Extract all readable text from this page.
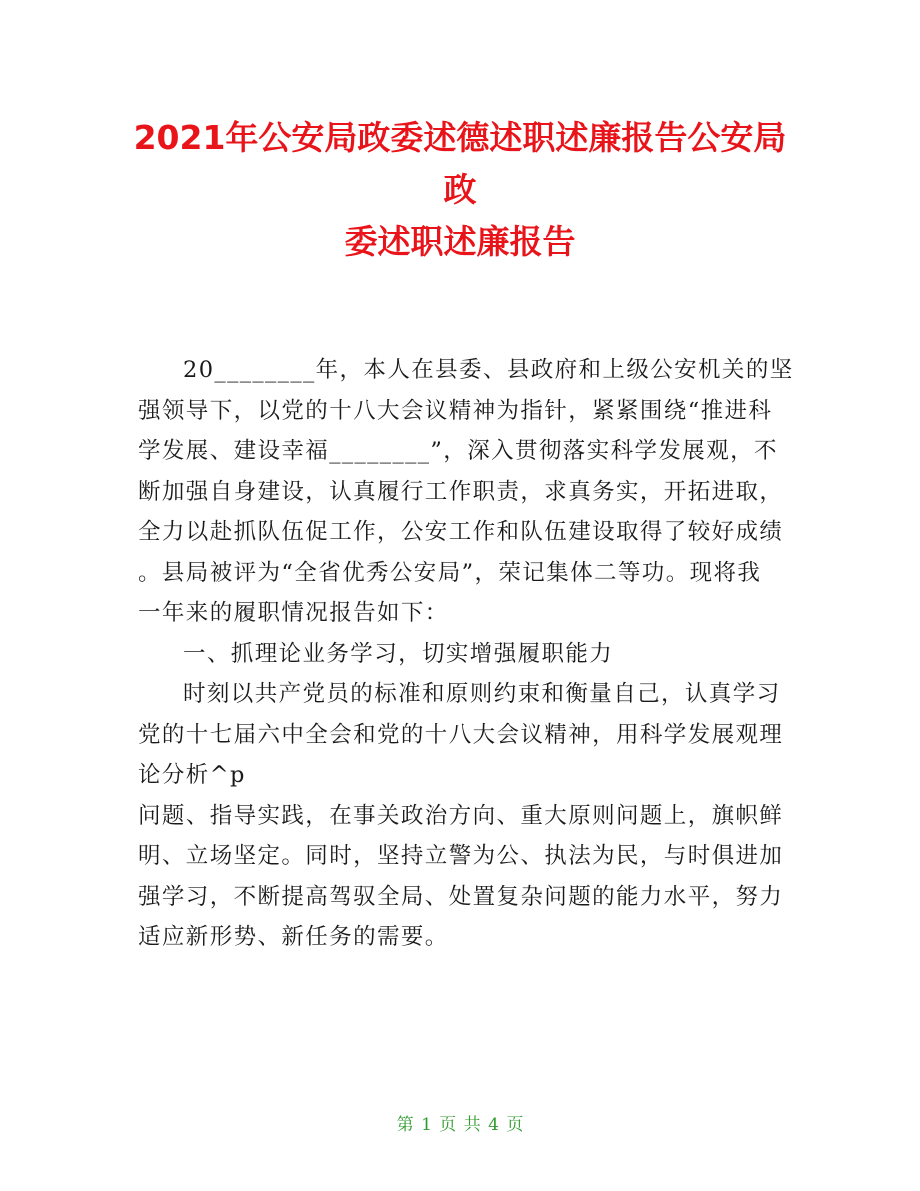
2021年公安局政委述德述职述廉报告公安局政
委述职述廉报告
20________年，本人在县委、县政府和上级公安机关的坚
强领导下，以党的十八大会议精神为指针，紧紧围绕“推进科
学发展、建设幸福________”，深入贯彻落实科学发展观，不
断加强自身建设，认真履行工作职责，求真务实，开拓进取，
全力以赴抓队伍促工作，公安工作和队伍建设取得了较好成绩
。县局被评为“全省优秀公安局”，荣记集体二等功。现将我
一年来的履职情况报告如下：
一、抓理论业务学习，切实增强履职能力
时刻以共产党员的标准和原则约束和衡量自己，认真学习
党的十七届六中全会和党的十八大会议精神，用科学发展观理
论分析^p
问题、指导实践，在事关政治方向、重大原则问题上，旗帜鲜
明、立场坚定。同时，坚持立警为公、执法为民，与时俱进加
强学习，不断提高驾驭全局、处置复杂问题的能力水平，努力
适应新形势、新任务的需要。
第 1 页 共 4 页
